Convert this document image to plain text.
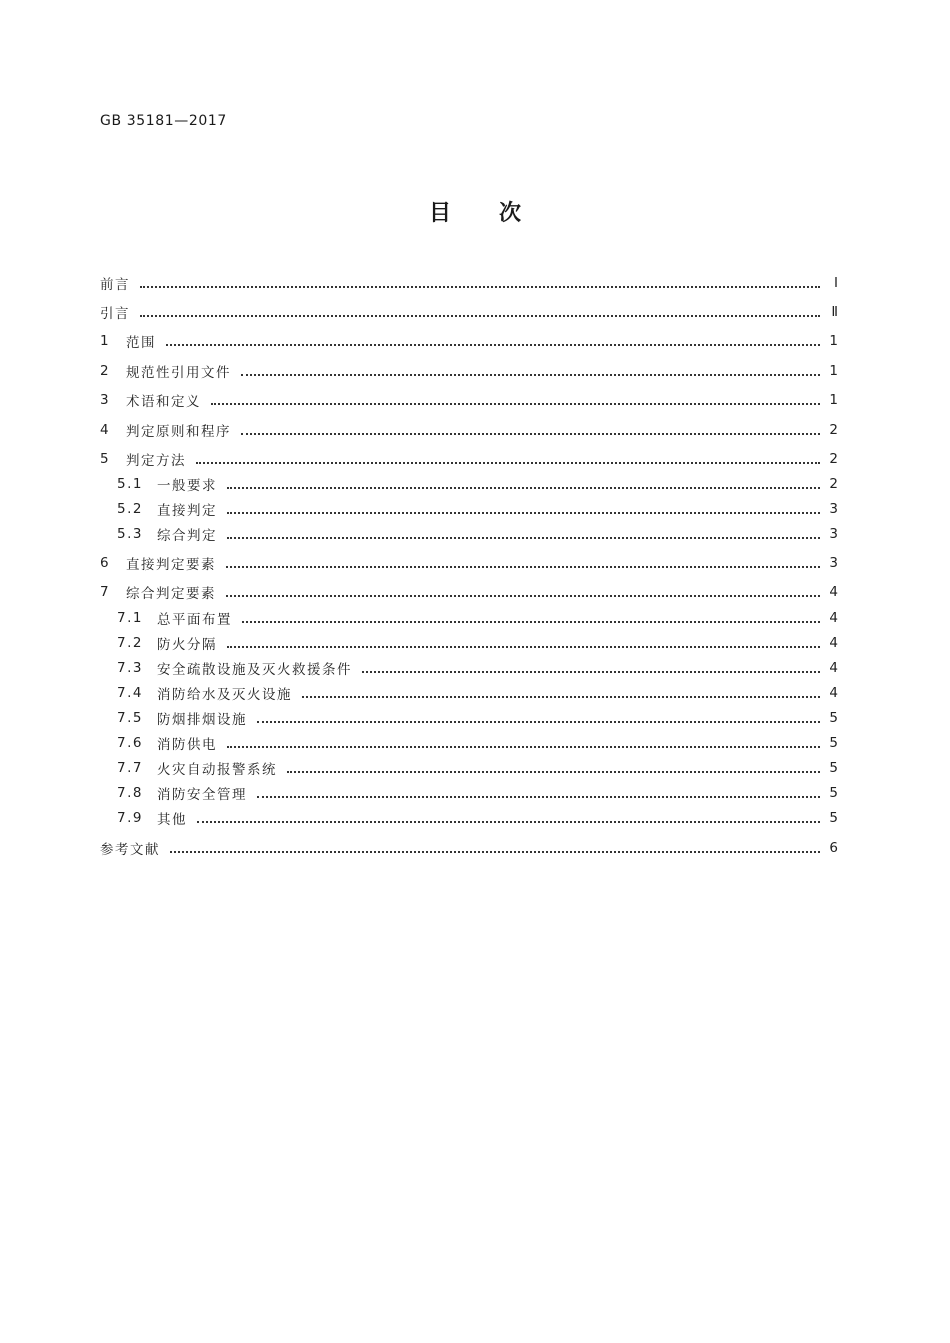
GB 35181—2017
目 次
前言	Ⅰ
引言	Ⅱ
1	范围	1
2	规范性引用文件	1
3	术语和定义	1
4	判定原则和程序	2
5	判定方法	2
5.1	一般要求	2
5.2	直接判定	3
5.3	综合判定	3
6	直接判定要素	3
7	综合判定要素	4
7.1	总平面布置	4
7.2	防火分隔	4
7.3	安全疏散设施及灭火救援条件	4
7.4	消防给水及灭火设施	4
7.5	防烟排烟设施	5
7.6	消防供电	5
7.7	火灾自动报警系统	5
7.8	消防安全管理	5
7.9	其他	5
参考文献	6
